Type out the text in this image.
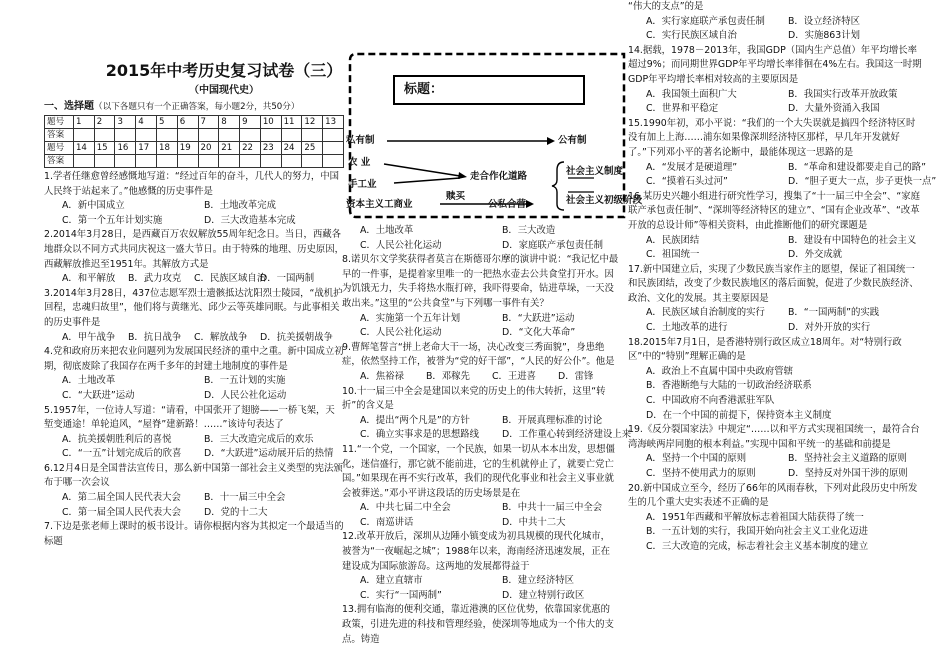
2015年中考历史复习试卷（三）
（中国现代史）
一、选择题（以下各题只有一个正确答案，每小题2分，共50分）
题号	1	2	3	4	5	6	7	8	9	10	11	12	13
答案													
题号	14	15	16	17	18	19	20	21	22	23	24	25	
答案													

1.学者任继愈曾经感慨地写道：“经过百年的奋斗，几代人的努力，中国人民终于站起来了。”他感慨的历史事件是

A．新中国成立	B．土地改革完成
C．第一个五年计划实施	D．三大改造基本完成

2.2014年3月28日，是西藏百万农奴解放55周年纪念日。当日，西藏各地群众以不同方式共同庆祝这一盛大节日。由于特殊的地理、历史原因，西藏解放推迟至1951年。其解放方式是

A．和平解放 B．武力攻克 C．民族区域自治D．一国两制

3.2014年3月28日，437位志愿军烈士遗骸抵达沈阳烈士陵园，“战机护回程，忠魂归故里”，他们将与黄继光、邱少云等英雄同眠。与此事相关的历史事件是

A．甲午战争 B．抗日战争 C．解放战争 D．抗美援朝战争

4.党和政府历来把农业问题列为发展国民经济的重中之重。新中国成立初期，彻底废除了我国存在两千多年的封建土地制度的事件是

A．土地改革	B．一五计划的实施
C．“大跃进”运动	D．人民公社化运动

5.1957年，一位诗人写道：“请看，中国张开了翅膀——一桥飞架，天堑变通途！单轮追风，“屋脊”建新路！……”该诗句表达了

A．抗美援朝胜利后的喜悦	B．三大改造完成后的欢乐
C．“一五”计划完成后的欣喜 D．“大跃进”运动展开后的热情

6.12月4日是全国普法宣传日，那么新中国第一部社会主义类型的宪法颁布于哪一次会议

A．第二届全国人民代表大会 B．十一届三中全会
C．第一届全国人民代表大会 D．党的十二大

7.下边是张老师上课时的板书设计。请你根据内容为其拟定一个最适当的标题

标题：
私有制
农 业
手工业
资本主义工商业
走合作化道路
赎买
公私合营
公有制
社会主义制度
社会主义初级阶段
A．土地改革	B．三大改造
C．人民公社化运动	D．家庭联产承包责任制

8.诺贝尔文学奖获得者莫言在斯德哥尔摩的演讲中说：“我记忆中最早的一件事，是提着家里唯一的一把热水壶去公共食堂打开水。因为饥饿无力，失手将热水瓶打碎，我吓得要命，钻进草垛，一天没敢出来。”这里的“公共食堂”与下列哪一事件有关？

A．实施第一个五年计划	B．“大跃进”运动
C．人民公社化运动	D．“文化大革命”

9.曹辉笔誓言“拼上老命大干一场，决心改变三秀面貌”，身患绝症，依然坚持工作，被誉为“党的好干部”，“人民的好公仆”。他是

A．焦裕禄 B．邓稼先 C．王进喜 D．雷锋

10.十一届三中全会是建国以来党的历史上的伟大转折，这里“转折”的含义是

A．提出“两个凡是”的方针	B．开展真理标准的讨论
C．确立实事求是的思想路线 D．工作重心转到经济建设上来

11.“一个党，一个国家，一个民族，如果一切从本本出发，思想僵化，迷信盛行，那它就不能前进，它的生机就停止了，就要亡党亡国。”如果现在再不实行改革，我们的现代化事业和社会主义事业就会被葬送。”邓小平讲这段话的历史场景是在

A．中共七届二中全会	B．中共十一届三中全会
C．南巡讲话	D．中共十二大

12.改革开放后，深圳从边陲小镇变成为初具规模的现代化城市，被誉为“一夜崛起之城”；1988年以来，海南经济迅速发展，正在建设成为国际旅游岛。这两地的发展都得益于

A．建立直辖市	B．建立经济特区
C．实行“一国两制”	D．建立特别行政区

13.拥有临海的便利交通，靠近港澳的区位优势，依靠国家优惠的政策，引进先进的科技和管理经验，使深圳等地成为一个伟大的支点。铸造

“伟大的支点”的是

A．实行家庭联产承包责任制 B．设立经济特区
C．实行民族区域自治	D．实施863计划

14.据载，1978－2013年，我国GDP（国内生产总值）年平均增长率超过9%；而同期世界GDP年平均增长率徘徊在4%左右。我国这一时期GDP年平均增长率相对较高的主要原因是

A．我国领土面积广大	B．我国实行改革开放政策
C．世界和平稳定	D．大量外资涌入我国

15.1990年初，邓小平说：“我们的一个大失误就是搞四个经济特区时没有加上上海……浦东如果像深圳经济特区那样，早几年开发就好了。”下列邓小平的著名论断中，最能体现这一思路的是

A．“发展才是硬道理”	B．“革命和建设都要走自己的路”
C．“摸着石头过河”	D．“胆子更大一点，步子更快一点”

16.某历史兴趣小组进行研究性学习，搜集了“十一届三中全会”、“家庭联产承包责任制”、“深圳等经济特区的建立”、“国有企业改革”、“改革开放的总设计师”等相关资料，由此推断他们的研究课题是

A．民族团结	B．建设有中国特色的社会主义
C．祖国统一	D．外交成就

17.新中国建立后，实现了少数民族当家作主的愿望，保证了祖国统一和民族团结，改变了少数民族地区的落后面貌，促进了少数民族经济、政治、文化的发展。其主要原因是

A．民族区域自治制度的实行 B．“一国两制”的实践
C．土地改革的进行	D．对外开放的实行

18.2015年7月1日，是香港特别行政区成立18周年。对“特别行政区”中的“特别”理解正确的是

A．政治上不直属中国中央政府管辖
B．香港断绝与大陆的一切政治经济联系
C．中国政府不向香港派驻军队
D．在一个中国的前提下，保持资本主义制度

19.《反分裂国家法》中规定“……以和平方式实现祖国统一，最符合台湾海峡两岸同胞的根本利益。”实现中国和平统一的基础和前提是

A．坚持一个中国的原则	B．坚持社会主义道路的原则
C．坚持不使用武力的原则	D．坚持反对外国干涉的原则

20.新中国成立至今，经历了66年的风雨春秋，下列对此段历史中所发生的几个重大史实表述不正确的是

A．1951年西藏和平解放标志着祖国大陆获得了统一
B．一五计划的实行，我国开始向社会主义工业化迈进
C．三大改造的完成，标志着社会主义基本制度的建立
